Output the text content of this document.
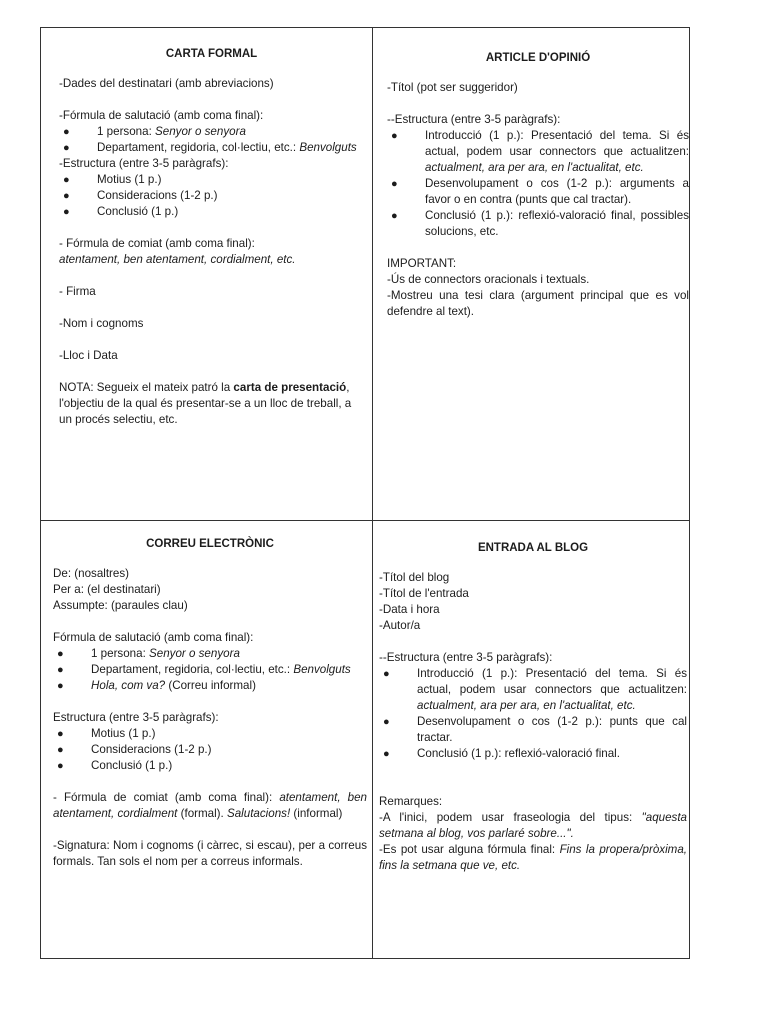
CARTA FORMAL

-Dades del destinatari (amb abreviacions)

-Fórmula de salutació (amb coma final):

● 1 persona: Senyor o senyora
● Departament, regidoria, col·lectiu, etc.: Benvolguts

-Estructura (entre 3-5 paràgrafs):

● Motius (1 p.)
● Consideracions (1-2 p.)
● Conclusió (1 p.)

- Fórmula de comiat (amb coma final):

atentament, ben atentament, cordialment, etc.

- Firma

-Nom i cognoms

-Lloc i Data

NOTA: Segueix el mateix patró la carta de presentació, l'objectiu de la qual és presentar-se a un lloc de treball, a un procés selectiu, etc.

ARTICLE D'OPINIÓ

-Títol (pot ser suggeridor)

--Estructura (entre 3-5 paràgrafs):

● Introducció (1 p.): Presentació del tema. Si és actual, podem usar connectors que actualitzen: actualment, ara per ara, en l'actualitat, etc.
● Desenvolupament o cos (1-2 p.): arguments a favor o en contra (punts que cal tractar).
● Conclusió (1 p.): reflexió-valoració final, possibles solucions, etc.

IMPORTANT:

-Ús de connectors oracionals i textuals.

-Mostreu una tesi clara (argument principal que es vol defendre al text).

CORREU ELECTRÒNIC

De: (nosaltres)

Per a: (el destinatari)

Assumpte: (paraules clau)

Fórmula de salutació (amb coma final):

● 1 persona: Senyor o senyora
● Departament, regidoria, col·lectiu, etc.: Benvolguts
● Hola, com va? (Correu informal)

Estructura (entre 3-5 paràgrafs):

● Motius (1 p.)
● Consideracions (1-2 p.)
● Conclusió (1 p.)

- Fórmula de comiat (amb coma final): atentament, ben atentament, cordialment (formal). Salutacions! (informal)

-Signatura: Nom i cognoms (i càrrec, si escau), per a correus formals. Tan sols el nom per a correus informals.

ENTRADA AL BLOG

-Títol del blog

-Títol de l'entrada

-Data i hora

-Autor/a

--Estructura (entre 3-5 paràgrafs):

● Introducció (1 p.): Presentació del tema. Si és actual, podem usar connectors que actualitzen: actualment, ara per ara, en l'actualitat, etc.
● Desenvolupament o cos (1-2 p.): punts que cal tractar.
● Conclusió (1 p.): reflexió-valoració final.

Remarques:

-A l'inici, podem usar fraseologia del tipus: "aquesta setmana al blog, vos parlaré sobre...".

-Es pot usar alguna fórmula final: Fins la propera/pròxima, fins la setmana que ve, etc.
